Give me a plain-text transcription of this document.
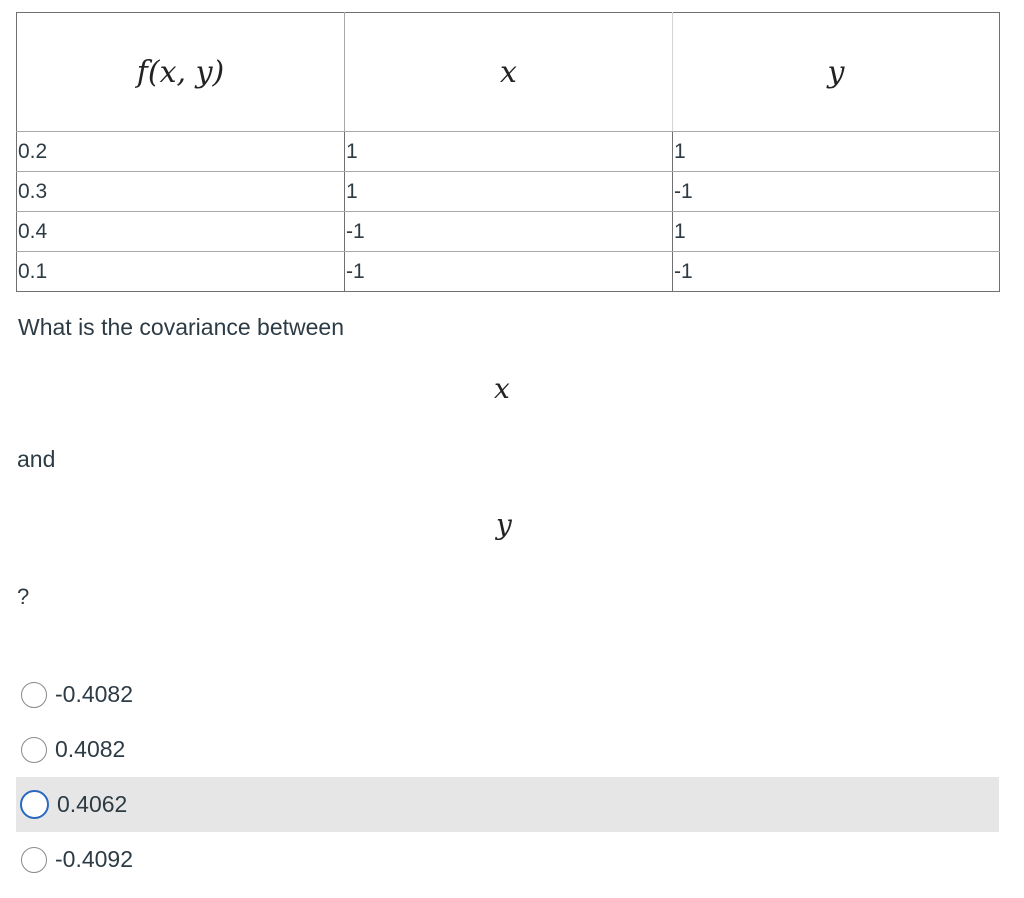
f(x, y)	x	y
0.2	1	1
0.3	1	-1
0.4	-1	1
0.1	-1	-1
What is the covariance between
x
and
y
?
-0.4082
0.4082
0.4062
-0.4092
